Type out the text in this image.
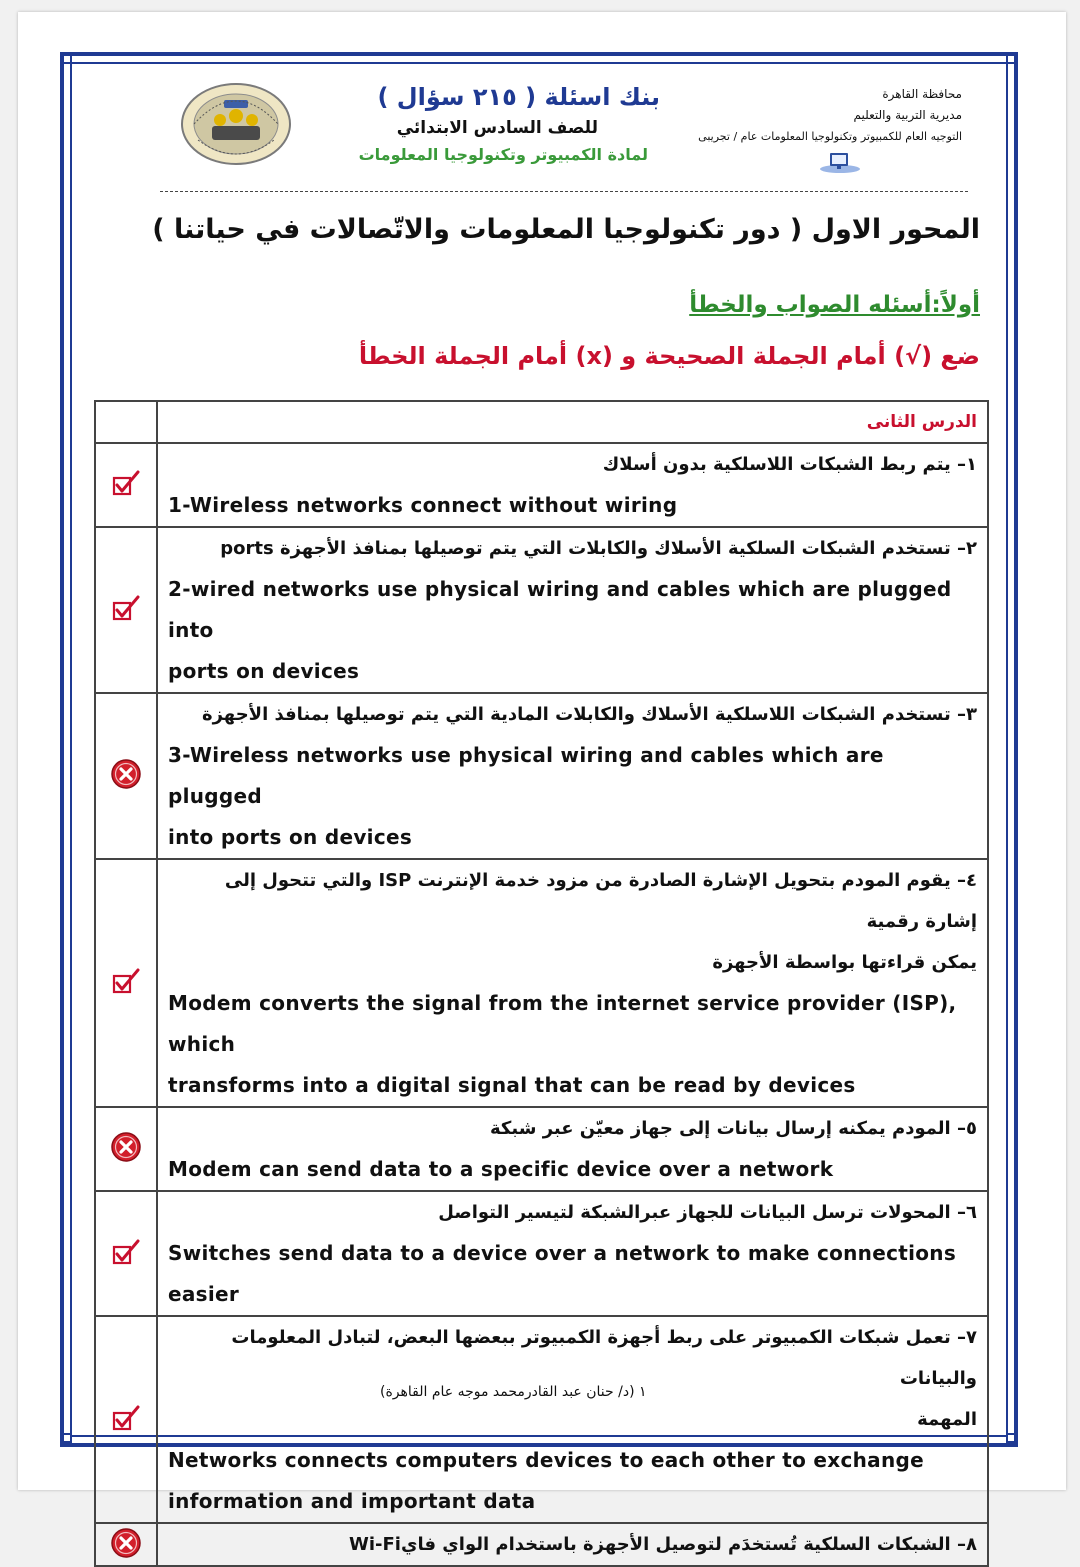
محافظة القاهرة
مديرية التربية والتعليم
التوجيه العام للكمبيوتر وتكنولوجيا المعلومات عام / تجريبى
بنك اسئلة ( ٢١٥ سؤال )
للصف السادس الابتدائي
لمادة الكمبيوتر وتكنولوجيا المعلومات
المحور الاول ( دور تكنولوجيا المعلومات والاتّصالات في حياتنا )
أولاً:أسئله الصواب والخطأ
ضع (√) أمام الجملة الصحيحة و (x) أمام الجملة الخطأ

	الدرس الثانى

١– يتم ربط الشبكات اللاسلكية بدون أسلاك
1-Wireless networks connect without wiring

٢– تستخدم الشبكات السلكية الأسلاك والكابلات التي يتم توصيلها بمنافذ الأجهزة ports
2-wired networks use physical wiring and cables which are plugged into
ports on devices

٣– تستخدم الشبكات اللاسلكية الأسلاك والكابلات المادية التي يتم توصيلها بمنافذ الأجهزة
3-Wireless networks use physical wiring and cables which are plugged
into ports on devices

٤– يقوم المودم بتحويل الإشارة الصادرة من مزود خدمة الإنترنت ISP والتي تتحول إلى إشارة رقمية
يمكن قراءتها بواسطة الأجهزة
Modem converts the signal from the internet service provider (ISP), which
transforms into a digital signal that can be read by devices

٥– المودم يمكنه إرسال بيانات إلى جهاز معيّن عبر شبكة
Modem can send data to a specific device over a network

٦– المحولات ترسل البيانات للجهاز عبرالشبكة لتيسير التواصل
Switches send data to a device over a network to make connections
easier

٧– تعمل شبكات الكمبيوتر على ربط أجهزة الكمبيوتر ببعضها البعض، لتبادل المعلومات والبيانات
المهمة
Networks connects computers devices to each other to exchange
information and important data

٨– الشبكات السلكية تُستخدَم لتوصيل الأجهزة باستخدام الواي فايWi-Fi
١ (د/ حنان عبد القادرمحمد موجه عام القاهرة)
